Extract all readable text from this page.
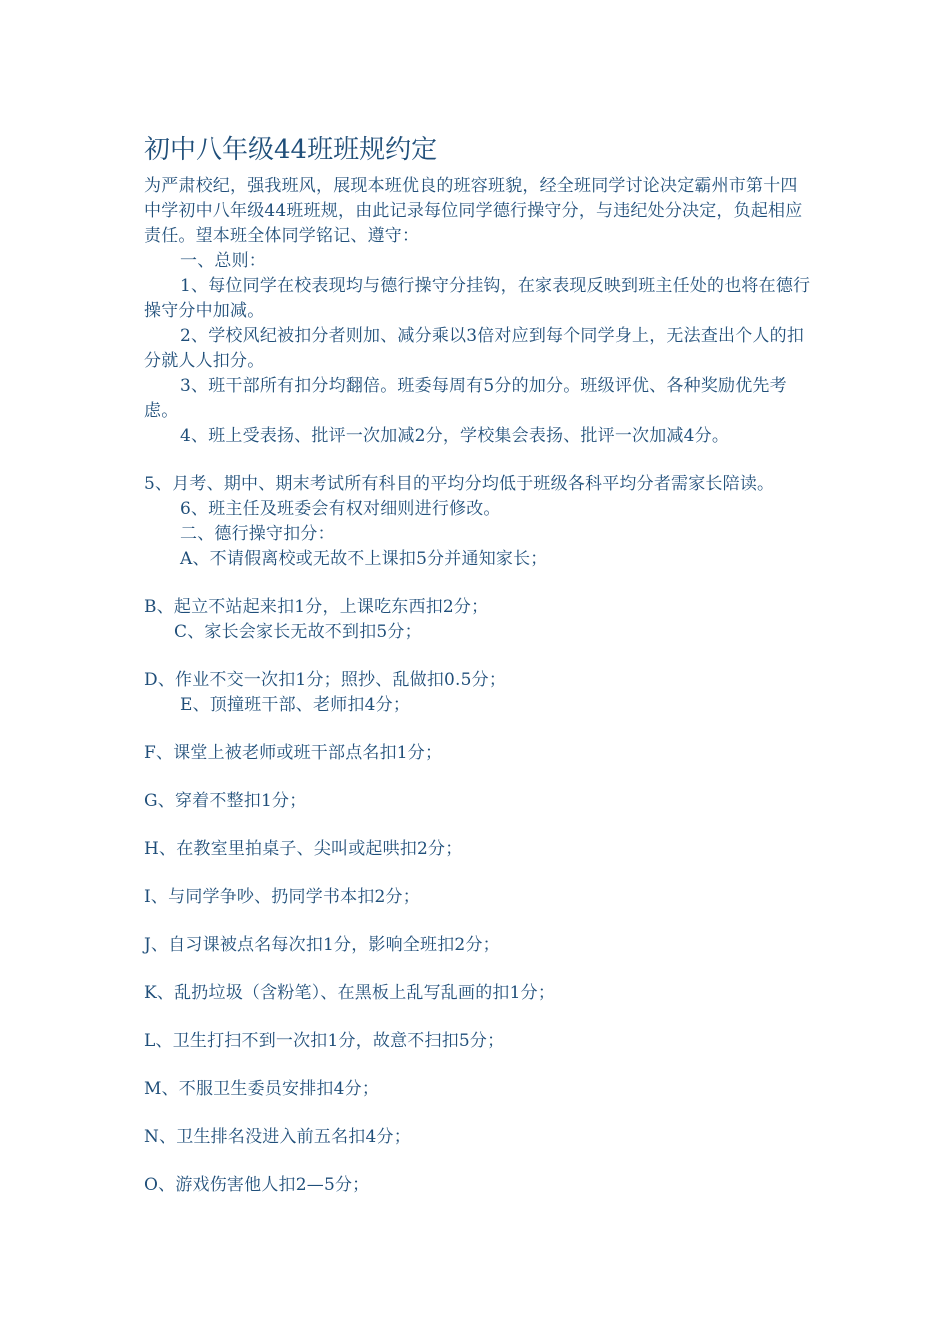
初中八年级44班班规约定

为严肃校纪，强我班风，展现本班优良的班容班貌，经全班同学讨论决定霸州市第十四中学初中八年级44班班规，由此记录每位同学德行操守分，与违纪处分决定，负起相应责任。望本班全体同学铭记、遵守：

一、总则：

1、每位同学在校表现均与德行操守分挂钩，在家表现反映到班主任处的也将在德行操守分中加减。

2、学校风纪被扣分者则加、减分乘以3倍对应到每个同学身上，无法查出个人的扣分就人人扣分。

3、班干部所有扣分均翻倍。班委每周有5分的加分。班级评优、各种奖励优先考虑。

4、班上受表扬、批评一次加减2分，学校集会表扬、批评一次加减4分。

5、月考、期中、期末考试所有科目的平均分均低于班级各科平均分者需家长陪读。

6、班主任及班委会有权对细则进行修改。

二、德行操守扣分：

A、不请假离校或无故不上课扣5分并通知家长；

B、起立不站起来扣1分，上课吃东西扣2分；

C、家长会家长无故不到扣5分；

D、作业不交一次扣1分；照抄、乱做扣0.5分；

E、顶撞班干部、老师扣4分；

F、课堂上被老师或班干部点名扣1分；

G、穿着不整扣1分；

H、在教室里拍桌子、尖叫或起哄扣2分；

I、与同学争吵、扔同学书本扣2分；

J、自习课被点名每次扣1分，影响全班扣2分；

K、乱扔垃圾（含粉笔）、在黑板上乱写乱画的扣1分；

L、卫生打扫不到一次扣1分，故意不扫扣5分；

M、不服卫生委员安排扣4分；

N、卫生排名没进入前五名扣4分；

O、游戏伤害他人扣2—5分；
